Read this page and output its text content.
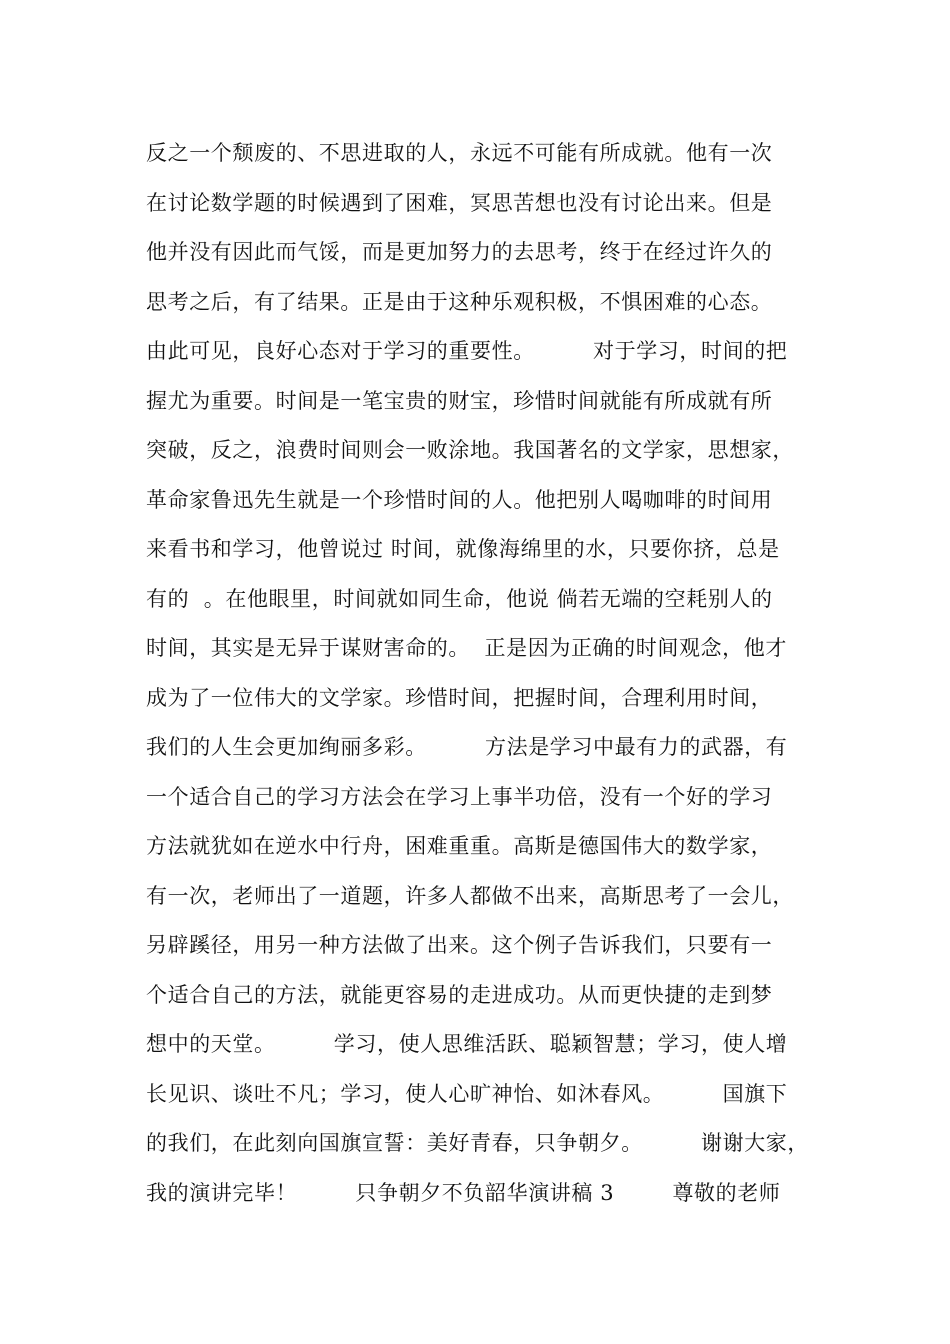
反之一个颓废的、不思进取的人，永远不可能有所成就。他有一次
在讨论数学题的时候遇到了困难，冥思苦想也没有讨论出来。但是
他并没有因此而气馁，而是更加努力的去思考，终于在经过许久的
思考之后，有了结果。正是由于这种乐观积极，不惧困难的心态。
由此可见，良好心态对于学习的重要性。        对于学习，时间的把
握尤为重要。时间是一笔宝贵的财宝，珍惜时间就能有所成就有所
突破，反之，浪费时间则会一败涂地。我国著名的文学家，思想家，
革命家鲁迅先生就是一个珍惜时间的人。他把别人喝咖啡的时间用
来看书和学习，他曾说过 时间，就像海绵里的水，只要你挤，总是
有的  。在他眼里，时间就如同生命，他说 倘若无端的空耗别人的
时间，其实是无异于谋财害命的。  正是因为正确的时间观念，他才
成为了一位伟大的文学家。珍惜时间，把握时间，合理利用时间，
我们的人生会更加绚丽多彩。        方法是学习中最有力的武器，有
一个适合自己的学习方法会在学习上事半功倍，没有一个好的学习
方法就犹如在逆水中行舟，困难重重。高斯是德国伟大的数学家，
有一次，老师出了一道题，许多人都做不出来，高斯思考了一会儿，
另辟蹊径，用另一种方法做了出来。这个例子告诉我们，只要有一
个适合自己的方法，就能更容易的走进成功。从而更快捷的走到梦
想中的天堂。        学习，使人思维活跃、聪颖智慧；学习，使人增
长见识、谈吐不凡；学习，使人心旷神怡、如沐春风。        国旗下
的我们，在此刻向国旗宣誓：美好青春，只争朝夕。        谢谢大家，
我的演讲完毕！        只争朝夕不负韶华演讲稿 3        尊敬的老师
